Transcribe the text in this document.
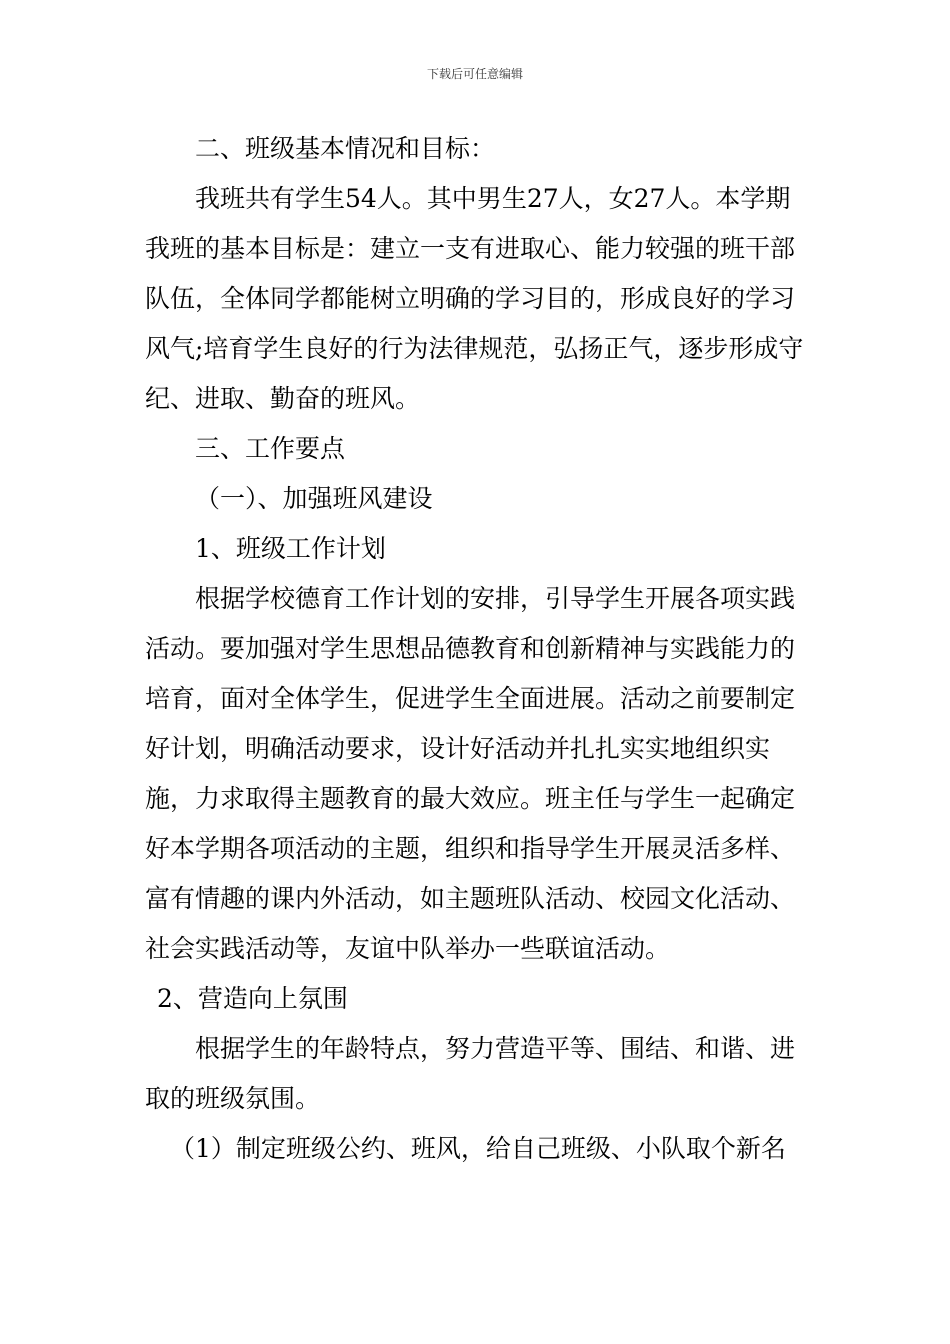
下载后可任意编辑

二、班级基本情况和目标：

我班共有学生54人。其中男生27人，女27人。本学期我班的基本目标是：建立一支有进取心、能力较强的班干部队伍，全体同学都能树立明确的学习目的，形成良好的学习风气;培育学生良好的行为法律规范，弘扬正气，逐步形成守纪、进取、勤奋的班风。

三、工作要点

（一）、加强班风建设

1、班级工作计划

根据学校德育工作计划的安排，引导学生开展各项实践活动。要加强对学生思想品德教育和创新精神与实践能力的培育，面对全体学生，促进学生全面进展。活动之前要制定好计划，明确活动要求，设计好活动并扎扎实实地组织实施，力求取得主题教育的最大效应。班主任与学生一起确定好本学期各项活动的主题，组织和指导学生开展灵活多样、富有情趣的课内外活动，如主题班队活动、校园文化活动、社会实践活动等，友谊中队举办一些联谊活动。

2、营造向上氛围

根据学生的年龄特点，努力营造平等、围结、和谐、进取的班级氛围。

（1）制定班级公约、班风，给自己班级、小队取个新名
